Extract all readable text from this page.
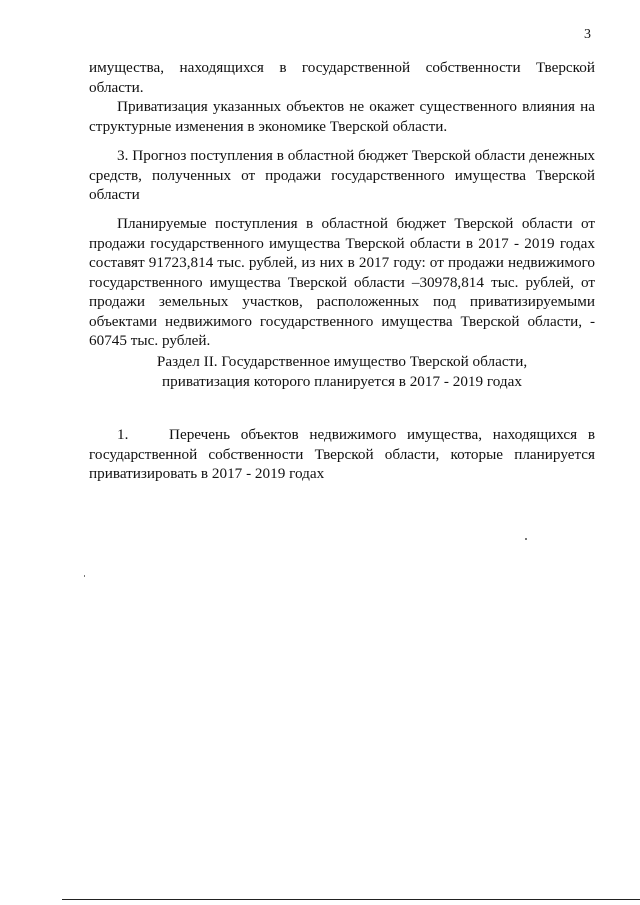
3

имущества, находящихся в государственной собственности Тверской области.

Приватизация указанных объектов не окажет существенного влияния на структурные изменения в экономике Тверской области.

3. Прогноз поступления в областной бюджет Тверской области денежных средств, полученных от продажи государственного имущества Тверской области

Планируемые поступления в областной бюджет Тверской области от продажи государственного имущества Тверской области в 2017 - 2019 годах составят 91723,814 тыс. рублей, из них в 2017 году: от продажи недвижимого государственного имущества Тверской области –30978,814 тыс. рублей, от продажи земельных участков, расположенных под приватизируемыми объектами недвижимого государственного имущества Тверской области, - 60745 тыс. рублей.

Раздел II. Государственное имущество Тверской области,
приватизация которого планируется в 2017 - 2019 годах

1.	Перечень объектов недвижимого имущества, находящихся в государственной собственности Тверской области, которые планируется приватизировать в 2017 - 2019 годах
